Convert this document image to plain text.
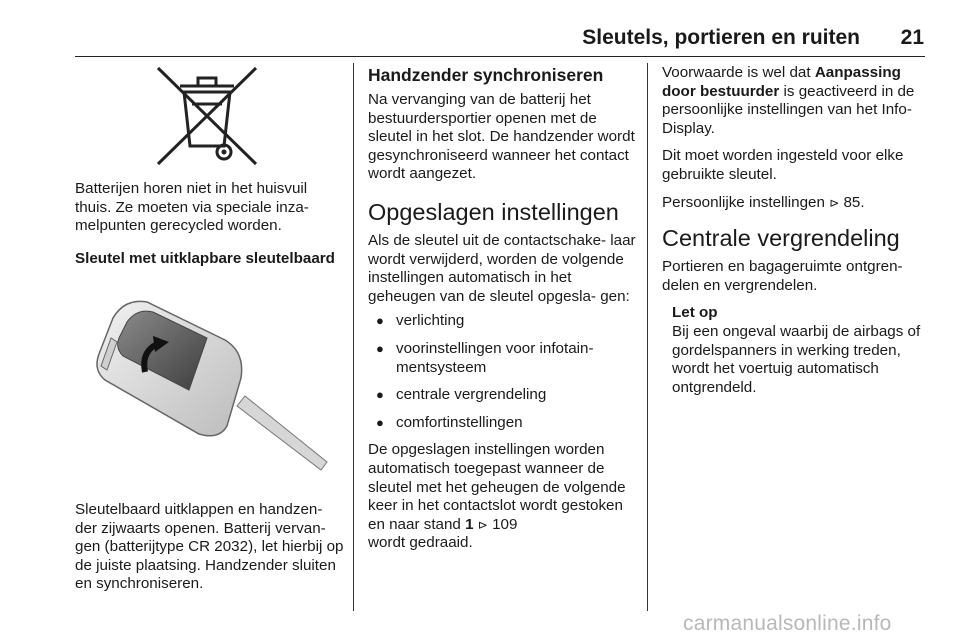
Sleutels, portieren en ruiten	21

Batterijen horen niet in het huisvuil thuis. Ze moeten via speciale inza- melpunten gerecycled worden.

Sleutel met uitklapbare sleutelbaard

Sleutelbaard uitklappen en handzen- der zijwaarts openen. Batterij vervan- gen (batterijtype CR 2032), let hierbij op de juiste plaatsing. Handzender sluiten en synchroniseren.

Handzender synchroniseren

Na vervanging van de batterij het bestuurdersportier openen met de sleutel in het slot. De handzender wordt gesynchroniseerd wanneer het contact wordt aangezet.

Opgeslagen instellingen

Als de sleutel uit de contactschake- laar wordt verwijderd, worden de volgende instellingen automatisch in het geheugen van de sleutel opgesla- gen:

● verlichting
● voorinstellingen voor infotain- mentsysteem
● centrale vergrendeling
● comfortinstellingen

De opgeslagen instellingen worden automatisch toegepast wanneer de sleutel met het geheugen de volgende keer in het contactslot wordt gestoken en naar stand 1 ⊳ 109
wordt gedraaid.

Voorwaarde is wel dat Aanpassing door bestuurder is geactiveerd in de persoonlijke instellingen van het Info-Display.

Dit moet worden ingesteld voor elke gebruikte sleutel.

Persoonlijke instellingen ⊳ 85.

Centrale vergrendeling

Portieren en bagageruimte ontgren- delen en vergrendelen.

Let op
Bij een ongeval waarbij de airbags of gordelspanners in werking treden, wordt het voertuig automatisch ontgrendeld.
carmanualsonline.info
